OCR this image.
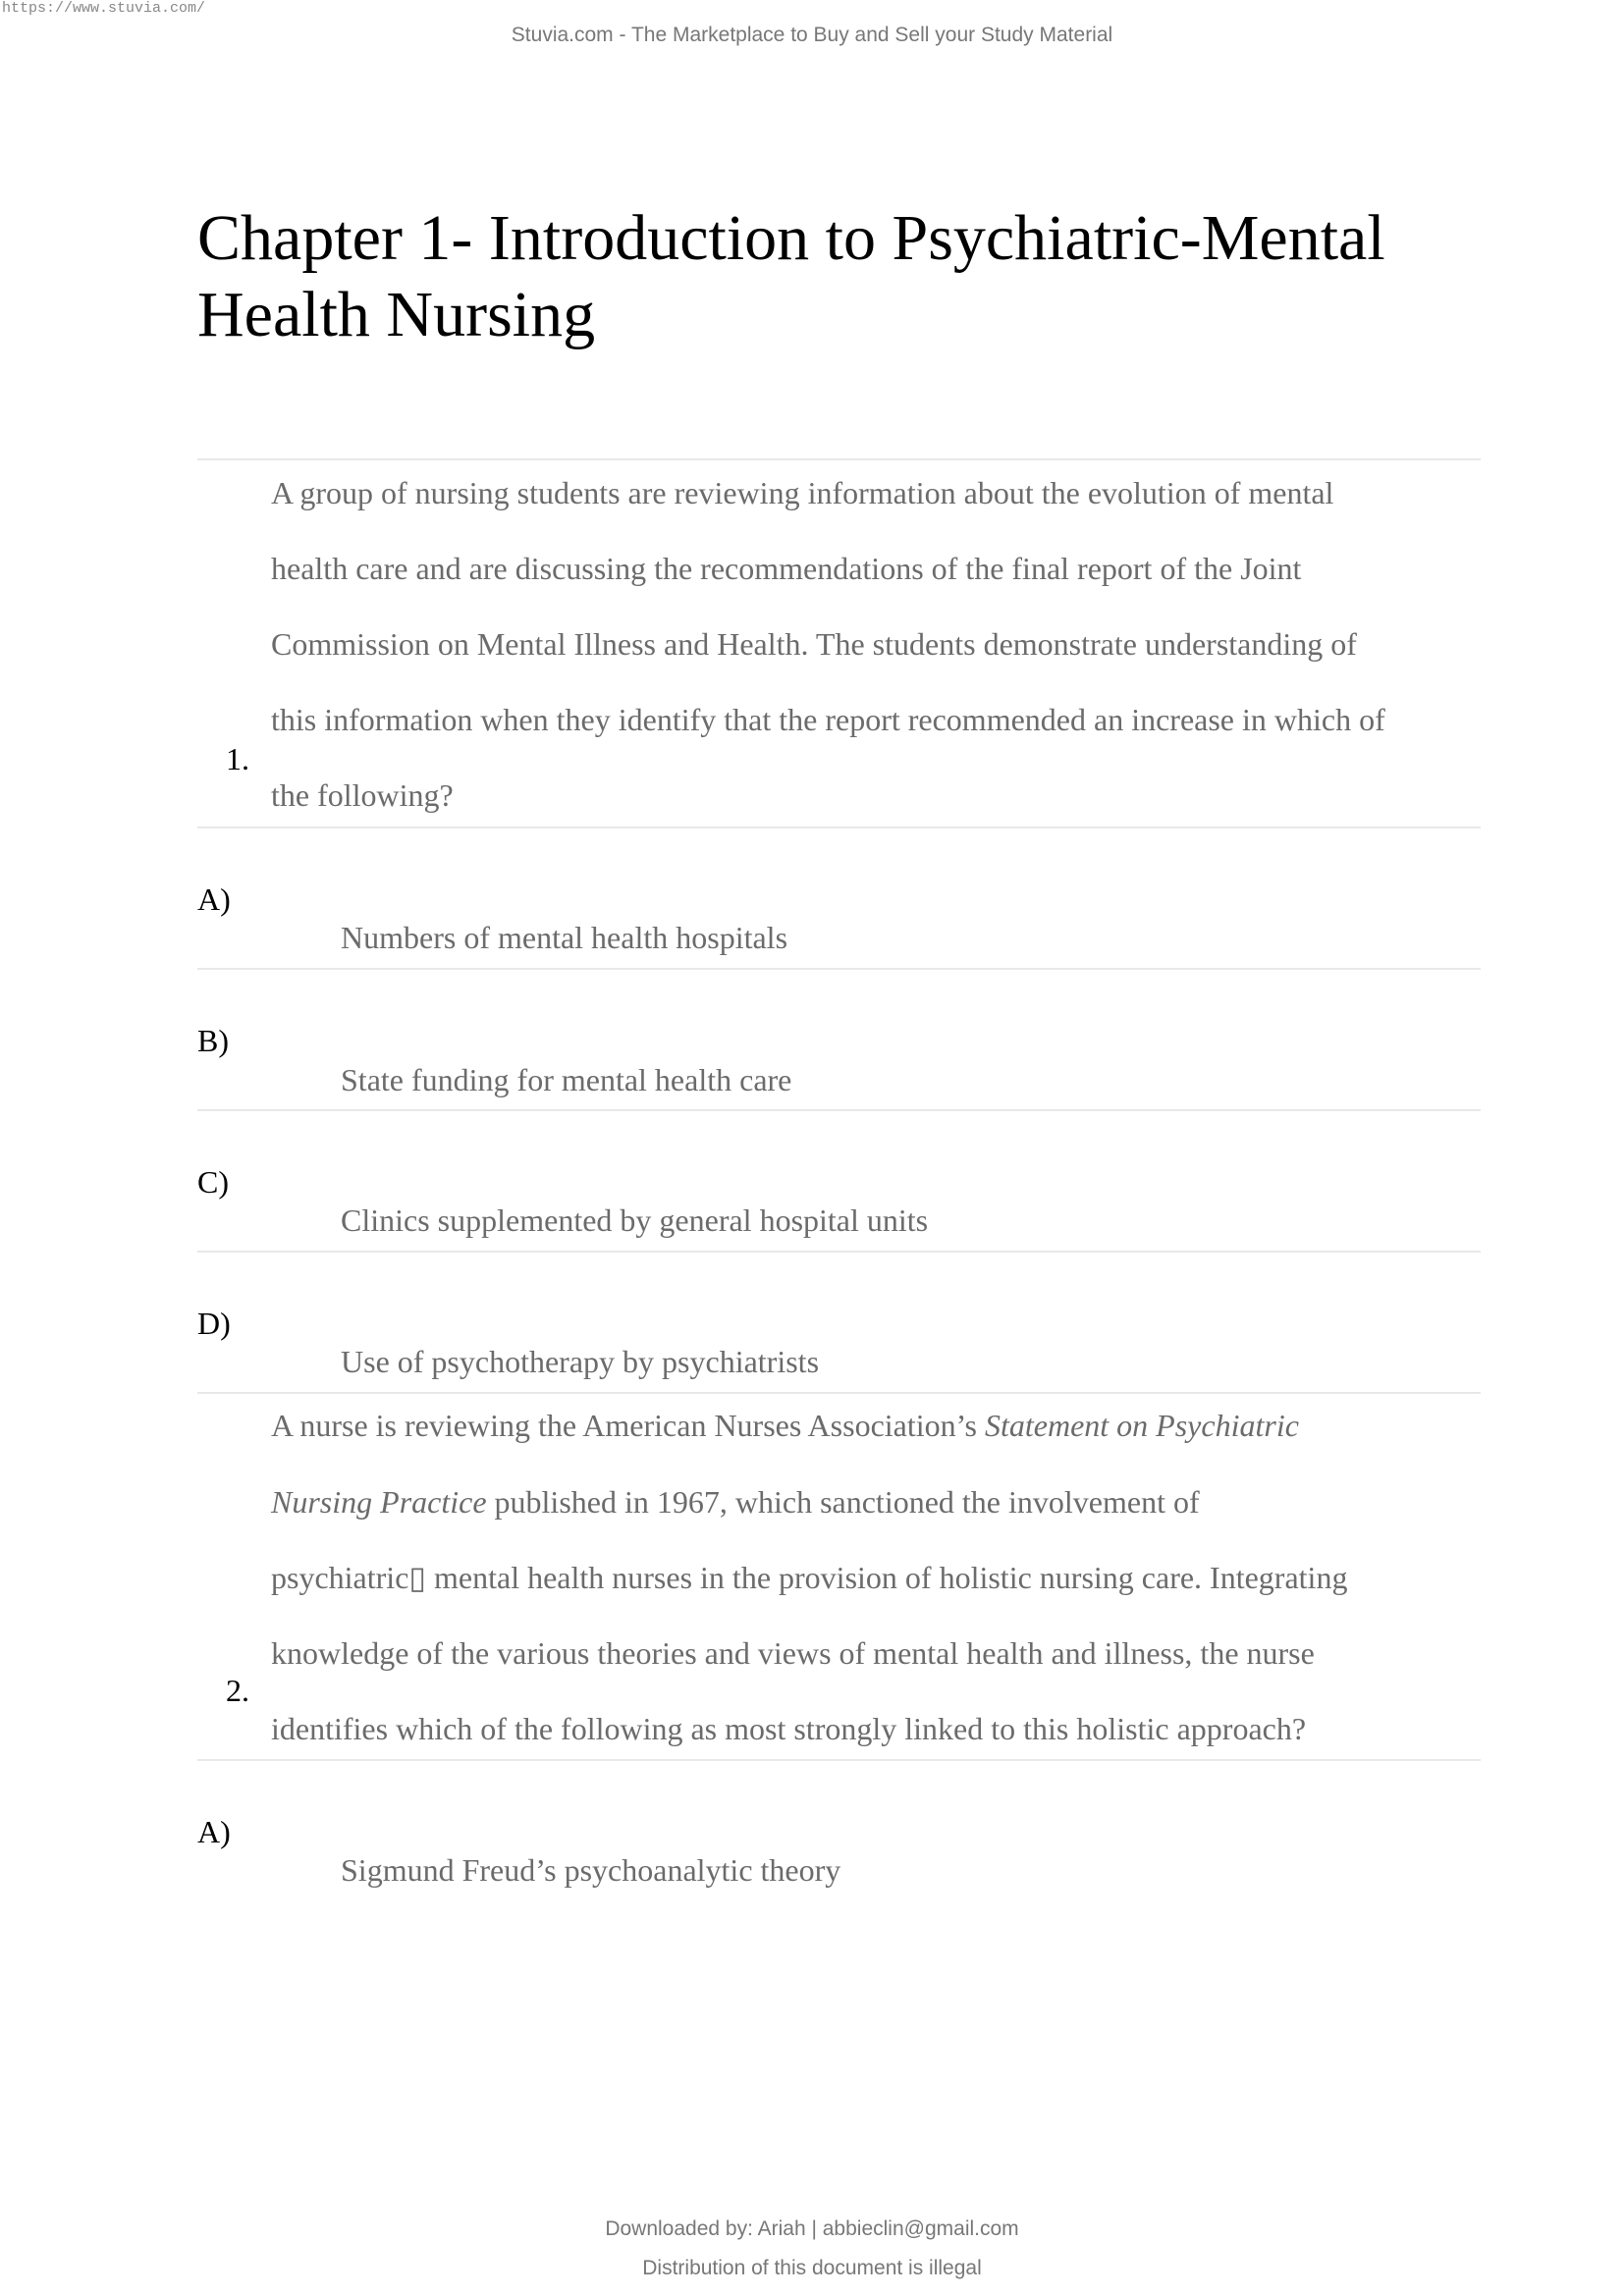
https://www.stuvia.com/
Stuvia.com - The Marketplace to Buy and Sell your Study Material
Chapter 1- Introduction to Psychiatric-Mental
Health Nursing
A group of nursing students are reviewing information about the evolution of mental
health care and are discussing the recommendations of the final report of the Joint
Commission on Mental Illness and Health. The students demonstrate understanding of
this information when they identify that the report recommended an increase in which of
the following?
1.
A)
Numbers of mental health hospitals
B)
State funding for mental health care
C)
Clinics supplemented by general hospital units
D)
Use of psychotherapy by psychiatrists
A nurse is reviewing the American Nurses Association’s Statement on Psychiatric
Nursing Practice published in 1967, which sanctioned the involvement of
psychiatric▯ mental health nurses in the provision of holistic nursing care. Integrating
knowledge of the various theories and views of mental health and illness, the nurse
identifies which of the following as most strongly linked to this holistic approach?
2.
A)
Sigmund Freud’s psychoanalytic theory
Downloaded by: Ariah | abbieclin@gmail.com
Distribution of this document is illegal
